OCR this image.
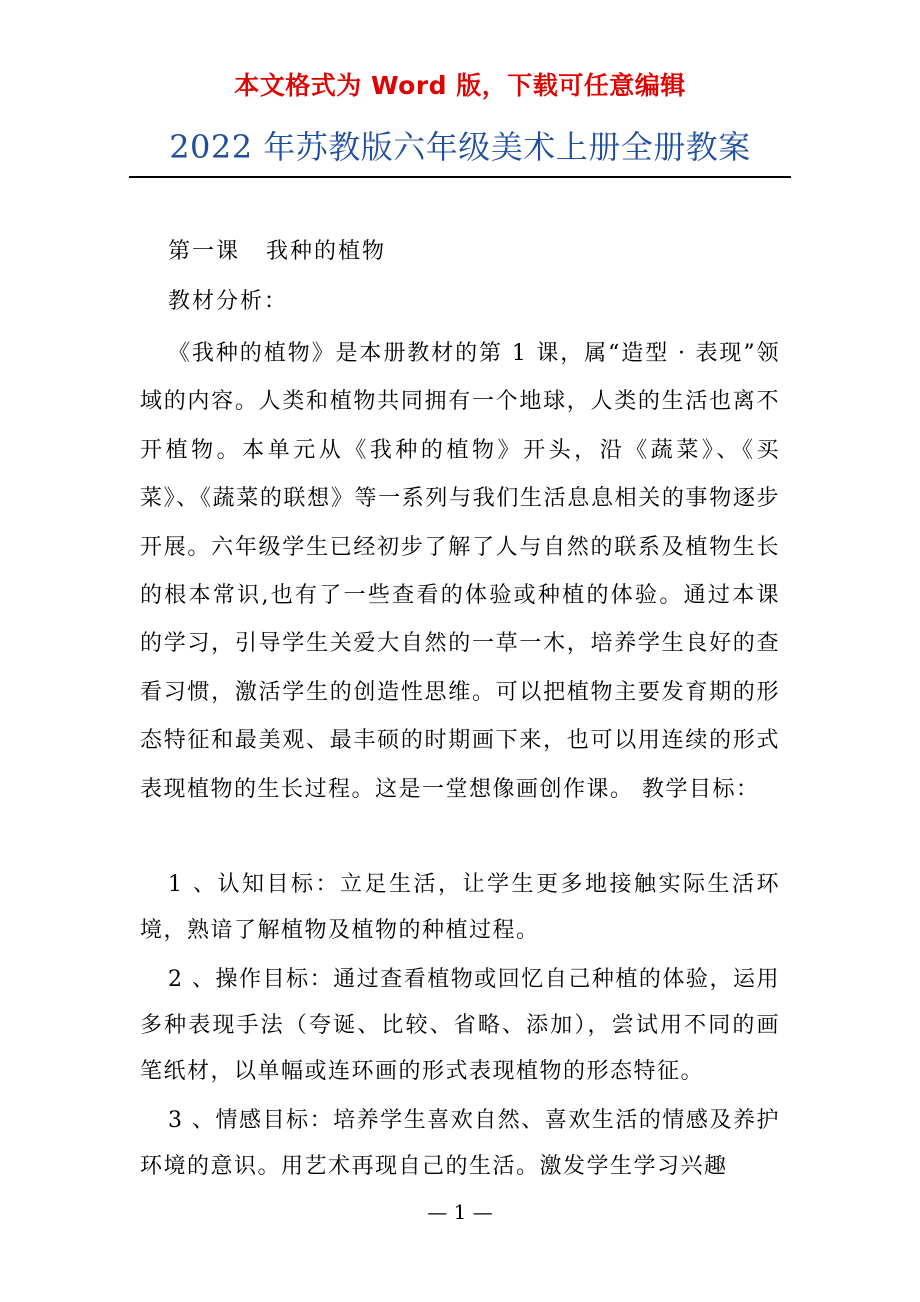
本文格式为 Word 版，下载可任意编辑
2022 年苏教版六年级美术上册全册教案

第一课 我种的植物

教材分析：

《我种的植物》是本册教材的第 1 课，属“造型 · 表现”领域的内容。人类和植物共同拥有一个地球，人类的生活也离不开植物。本单元从《我种的植物》开头，沿《蔬菜》、《买菜》、《蔬菜的联想》等一系列与我们生活息息相关的事物逐步开展。六年级学生已经初步了解了人与自然的联系及植物生长的根本常识,也有了一些查看的体验或种植的体验。通过本课的学习，引导学生关爱大自然的一草一木，培养学生良好的查看习惯，激活学生的创造性思维。可以把植物主要发育期的形态特征和最美观、最丰硕的时期画下来，也可以用连续的形式表现植物的生长过程。这是一堂想像画创作课。 教学目标：

1 、认知目标：立足生活，让学生更多地接触实际生活环境，熟谙了解植物及植物的种植过程。

2 、操作目标：通过查看植物或回忆自己种植的体验，运用多种表现手法（夸诞、比较、省略、添加），尝试用不同的画笔纸材，以单幅或连环画的形式表现植物的形态特征。

3 、情感目标：培养学生喜欢自然、喜欢生活的情感及养护环境的意识。用艺术再现自己的生活。激发学生学习兴趣

— 1 —
